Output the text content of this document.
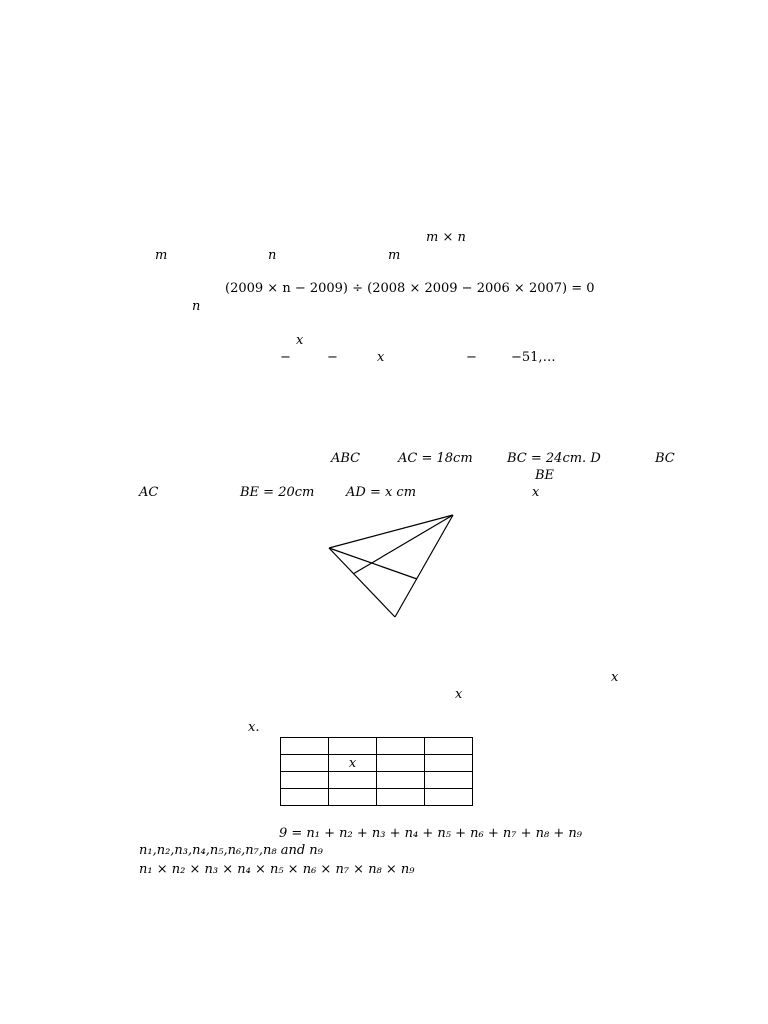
m × n
m	n	m
(2009 × n − 2009) ÷ (2008 × 2009 − 2006 × 2007) = 0
n
x
−	−	x	−	−51,…
ABC	AC = 18cm	BC = 24cm. D	BC
BE
AC	BE = 20cm AD = x cm	x
x
x
x.

	x		

9 = n₁ + n₂ + n₃ + n₄ + n₅ + n₆ + n₇ + n₈ + n₉
n₁,n₂,n₃,n₄,n₅,n₆,n₇,n₈ and n₉
n₁ × n₂ × n₃ × n₄ × n₅ × n₆ × n₇ × n₈ × n₉
